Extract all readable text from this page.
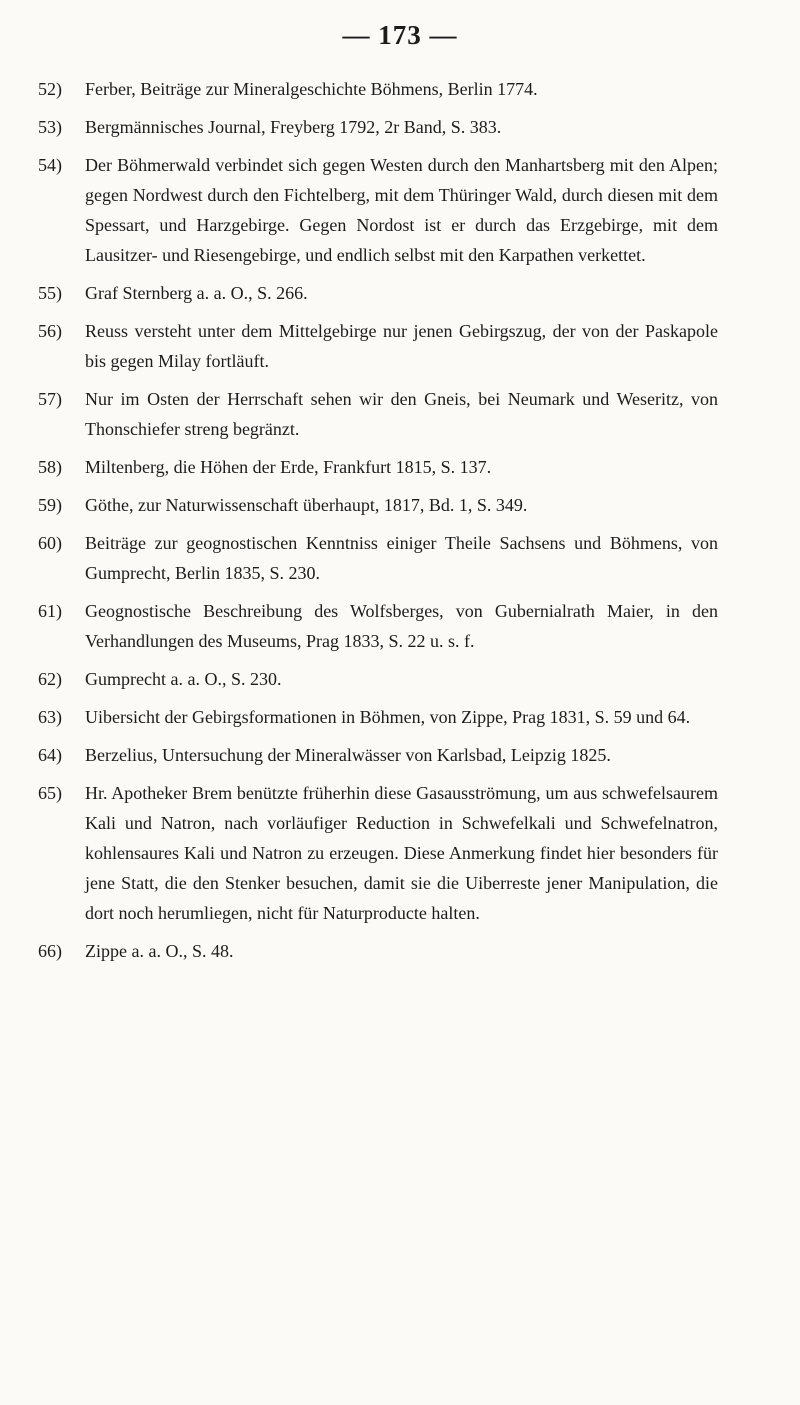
— 173 —
52)	Ferber, Beiträge zur Mineralgeschichte Böhmens, Berlin 1774.
53)	Bergmännisches Journal, Freyberg 1792, 2r Band, S. 383.
54)	Der Böhmerwald verbindet sich gegen Westen durch den Manhartsberg mit den Alpen; gegen Nordwest durch den Fichtelberg, mit dem Thüringer Wald, durch diesen mit dem Spessart, und Harzgebirge. Gegen Nordost ist er durch das Erzgebirge, mit dem Lausitzer- und Riesengebirge, und endlich selbst mit den Karpathen verkettet.
55)	Graf Sternberg a. a. O., S. 266.
56)	Reuss versteht unter dem Mittelgebirge nur jenen Gebirgszug, der von der Paskapole bis gegen Milay fortläuft.
57)	Nur im Osten der Herrschaft sehen wir den Gneis, bei Neumark und Weseritz, von Thonschiefer streng begränzt.
58)	Miltenberg, die Höhen der Erde, Frankfurt 1815, S. 137.
59)	Göthe, zur Naturwissenschaft überhaupt, 1817, Bd. 1, S. 349.
60)	Beiträge zur geognostischen Kenntniss einiger Theile Sachsens und Böhmens, von Gumprecht, Berlin 1835, S. 230.
61)	Geognostische Beschreibung des Wolfsberges, von Gubernialrath Maier, in den Verhandlungen des Museums, Prag 1833, S. 22 u. s. f.
62)	Gumprecht a. a. O., S. 230.
63)	Uibersicht der Gebirgsformationen in Böhmen, von Zippe, Prag 1831, S. 59 und 64.
64)	Berzelius, Untersuchung der Mineralwässer von Karlsbad, Leipzig 1825.
65)	Hr. Apotheker Brem benützte früherhin diese Gasausströmung, um aus schwefelsaurem Kali und Natron, nach vorläufiger Reduction in Schwefelkali und Schwefelnatron, kohlensaures Kali und Natron zu erzeugen. Diese Anmerkung findet hier besonders für jene Statt, die den Stenker besuchen, damit sie die Uiberreste jener Manipulation, die dort noch herumliegen, nicht für Naturproducte halten.
66)	Zippe a. a. O., S. 48.
